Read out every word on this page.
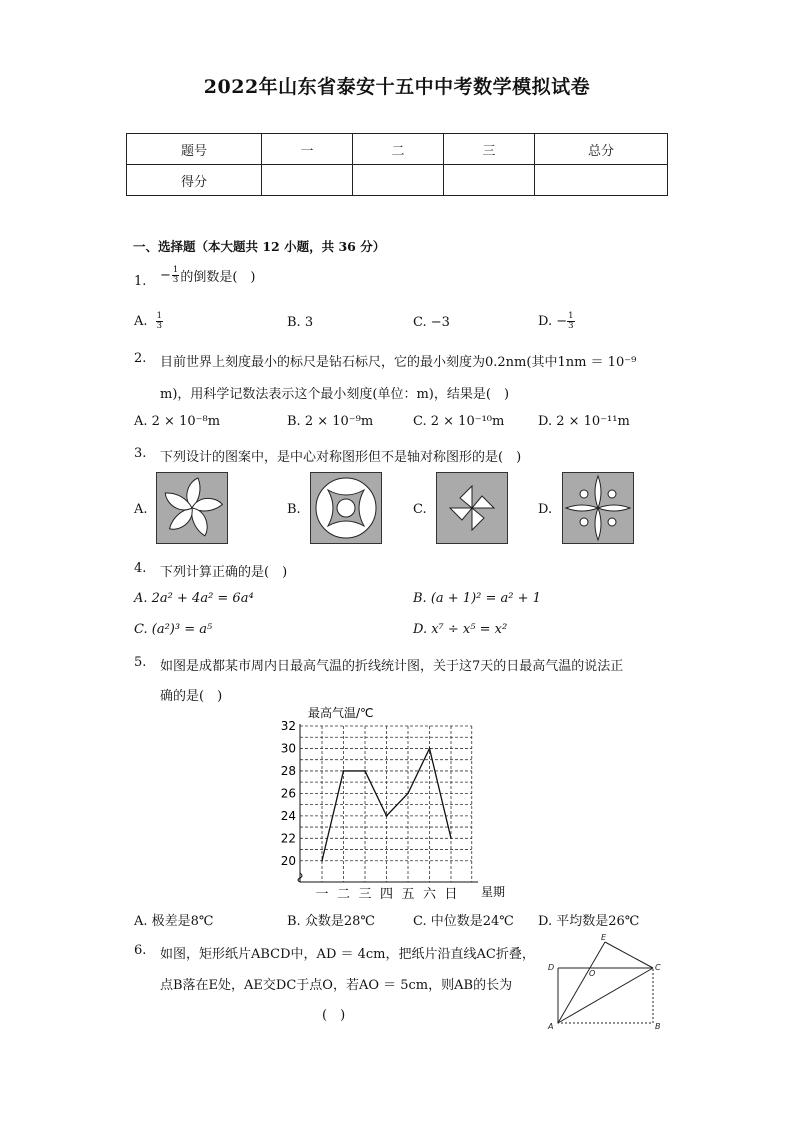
2022年山东省泰安十五中中考数学模拟试卷
题号	一	二	三	总分
得分				
一、选择题（本大题共 12 小题，共 36 分）
1. − $\frac{1}{3}$ 的倒数是(　)
A. $\frac{1}{3}$	B. 3	C. −3	D. − $\frac{1}{3}$
2. 目前世界上刻度最小的标尺是钻石标尺，它的最小刻度为0.2nm(其中1nm ＝ 10⁻⁹
m)，用科学记数法表示这个最小刻度(单位：m)，结果是(　)
A. 2 × 10⁻⁸m	B. 2 × 10⁻⁹m	C. 2 × 10⁻¹⁰m	D. 2 × 10⁻¹¹m
3. 下列设计的图案中，是中心对称图形但不是轴对称图形的是(　)
A.	B.	C.	D.
4. 下列计算正确的是(　)
A. 2a² + 4a² = 6a⁴	B. (a + 1)² = a² + 1
C. (a²)³ = a⁵	D. x⁷ ÷ x⁵ = x²
5. 如图是成都某市周内日最高气温的折线统计图，关于这7天的日最高气温的说法正
确的是(　)
最高气温/℃
星期
20
22
24
26
28
30
32
一 二 三 四 五 六 日
A. 极差是8℃	B. 众数是28℃	C. 中位数是24℃ D. 平均数是26℃
6. 如图，矩形纸片ABCD中，AD ＝ 4cm，把纸片沿直线AC折叠，
点B落在E处，AE交DC于点O，若AO ＝ 5cm，则AB的长为
(　)
D
A
C
B
E
O
